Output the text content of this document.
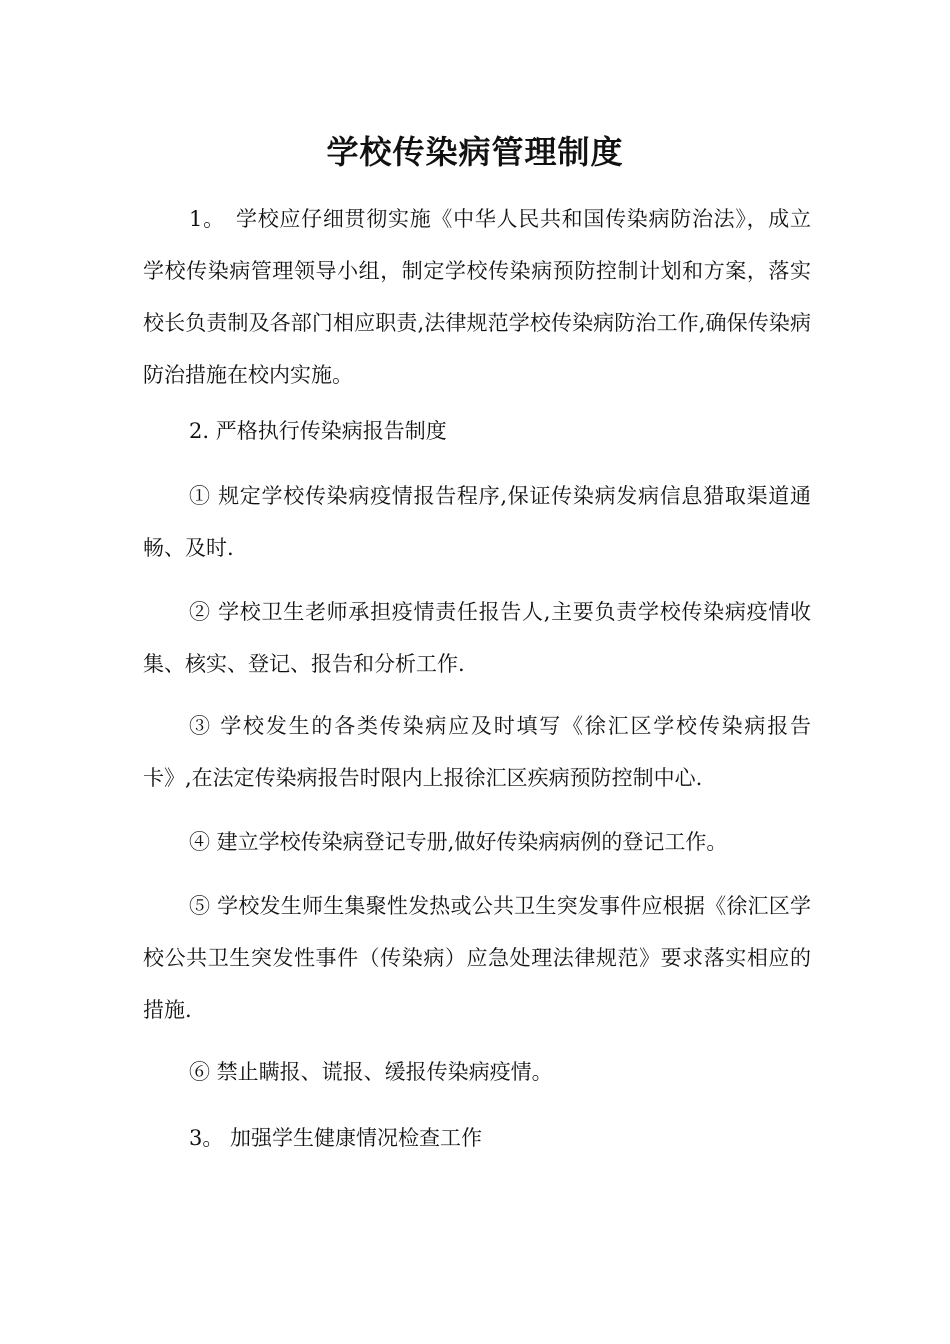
学校传染病管理制度

1。　学校应仔细贯彻实施《中华人民共和国传染病防治法》，成立学校传染病管理领导小组，制定学校传染病预防控制计划和方案，落实校长负责制及各部门相应职责,法律规范学校传染病防治工作,确保传染病防治措施在校内实施。

2. 严格执行传染病报告制度

① 规定学校传染病疫情报告程序,保证传染病发病信息猎取渠道通畅、及时.

② 学校卫生老师承担疫情责任报告人,主要负责学校传染病疫情收集、核实、登记、报告和分析工作.

③ 学校发生的各类传染病应及时填写《徐汇区学校传染病报告卡》,在法定传染病报告时限内上报徐汇区疾病预防控制中心.

④ 建立学校传染病登记专册,做好传染病病例的登记工作。

⑤ 学校发生师生集聚性发热或公共卫生突发事件应根据《徐汇区学校公共卫生突发性事件（传染病）应急处理法律规范》要求落实相应的措施.

⑥ 禁止瞒报、谎报、缓报传染病疫情。

3。 加强学生健康情况检查工作
